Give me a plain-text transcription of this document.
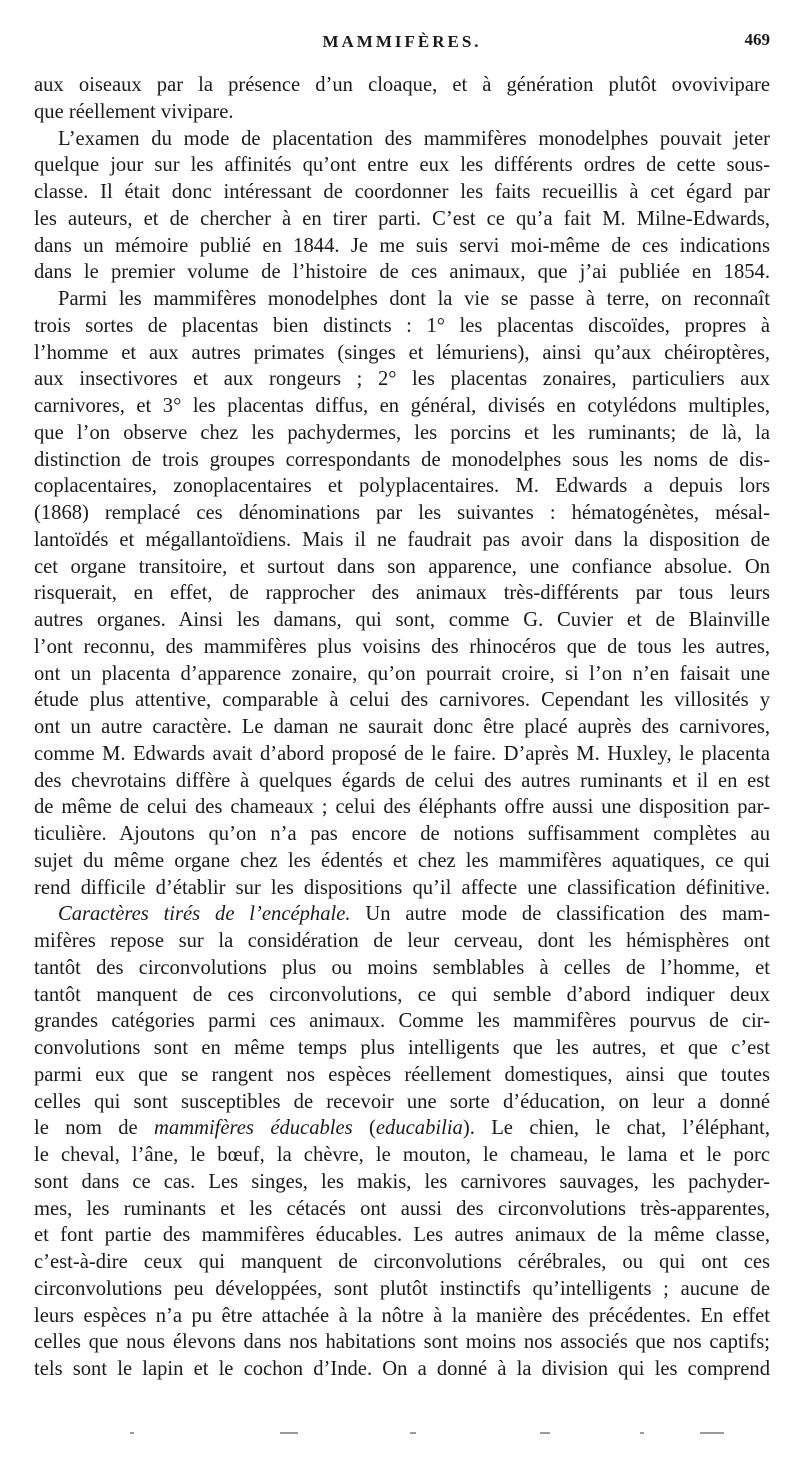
MAMMIFÈRES.	469
aux oiseaux par la présence d’un cloaque, et à génération plutôt ovovivipare
que réellement vivipare.
L’examen du mode de placentation des mammifères monodelphes pouvait jeter
quelque jour sur les affinités qu’ont entre eux les différents ordres de cette sous-
classe. Il était donc intéressant de coordonner les faits recueillis à cet égard par
les auteurs, et de chercher à en tirer parti. C’est ce qu’a fait M. Milne-Edwards,
dans un mémoire publié en 1844. Je me suis servi moi-même de ces indications
dans le premier volume de l’histoire de ces animaux, que j’ai publiée en 1854.
Parmi les mammifères monodelphes dont la vie se passe à terre, on reconnaît
trois sortes de placentas bien distincts : 1° les placentas discoïdes, propres à
l’homme et aux autres primates (singes et lémuriens), ainsi qu’aux chéiroptères,
aux insectivores et aux rongeurs ; 2° les placentas zonaires, particuliers aux
carnivores, et 3° les placentas diffus, en général, divisés en cotylédons multiples,
que l’on observe chez les pachydermes, les porcins et les ruminants; de là, la
distinction de trois groupes correspondants de monodelphes sous les noms de dis-
coplacentaires, zonoplacentaires et polyplacentaires. M. Edwards a depuis lors
(1868) remplacé ces dénominations par les suivantes : hématogénètes, mésal-
lantoïdés et mégallantoïdiens. Mais il ne faudrait pas avoir dans la disposition de
cet organe transitoire, et surtout dans son apparence, une confiance absolue. On
risquerait, en effet, de rapprocher des animaux très-différents par tous leurs
autres organes. Ainsi les damans, qui sont, comme G. Cuvier et de Blainville
l’ont reconnu, des mammifères plus voisins des rhinocéros que de tous les autres,
ont un placenta d’apparence zonaire, qu’on pourrait croire, si l’on n’en faisait une
étude plus attentive, comparable à celui des carnivores. Cependant les villosités y
ont un autre caractère. Le daman ne saurait donc être placé auprès des carnivores,
comme M. Edwards avait d’abord proposé de le faire. D’après M. Huxley, le placenta
des chevrotains diffère à quelques égards de celui des autres ruminants et il en est
de même de celui des chameaux ; celui des éléphants offre aussi une disposition par-
ticulière. Ajoutons qu’on n’a pas encore de notions suffisamment complètes au
sujet du même organe chez les édentés et chez les mammifères aquatiques, ce qui
rend difficile d’établir sur les dispositions qu’il affecte une classification définitive.
Caractères tirés de l’encéphale. Un autre mode de classification des mam-
mifères repose sur la considération de leur cerveau, dont les hémisphères ont
tantôt des circonvolutions plus ou moins semblables à celles de l’homme, et
tantôt manquent de ces circonvolutions, ce qui semble d’abord indiquer deux
grandes catégories parmi ces animaux. Comme les mammifères pourvus de cir-
convolutions sont en même temps plus intelligents que les autres, et que c’est
parmi eux que se rangent nos espèces réellement domestiques, ainsi que toutes
celles qui sont susceptibles de recevoir une sorte d’éducation, on leur a donné
le nom de mammifères éducables (educabilia). Le chien, le chat, l’éléphant,
le cheval, l’âne, le bœuf, la chèvre, le mouton, le chameau, le lama et le porc
sont dans ce cas. Les singes, les makis, les carnivores sauvages, les pachyder-
mes, les ruminants et les cétacés ont aussi des circonvolutions très-apparentes,
et font partie des mammifères éducables. Les autres animaux de la même classe,
c’est-à-dire ceux qui manquent de circonvolutions cérébrales, ou qui ont ces
circonvolutions peu développées, sont plutôt instinctifs qu’intelligents ; aucune de
leurs espèces n’a pu être attachée à la nôtre à la manière des précédentes. En effet
celles que nous élevons dans nos habitations sont moins nos associés que nos captifs;
tels sont le lapin et le cochon d’Inde. On a donné à la division qui les comprend
